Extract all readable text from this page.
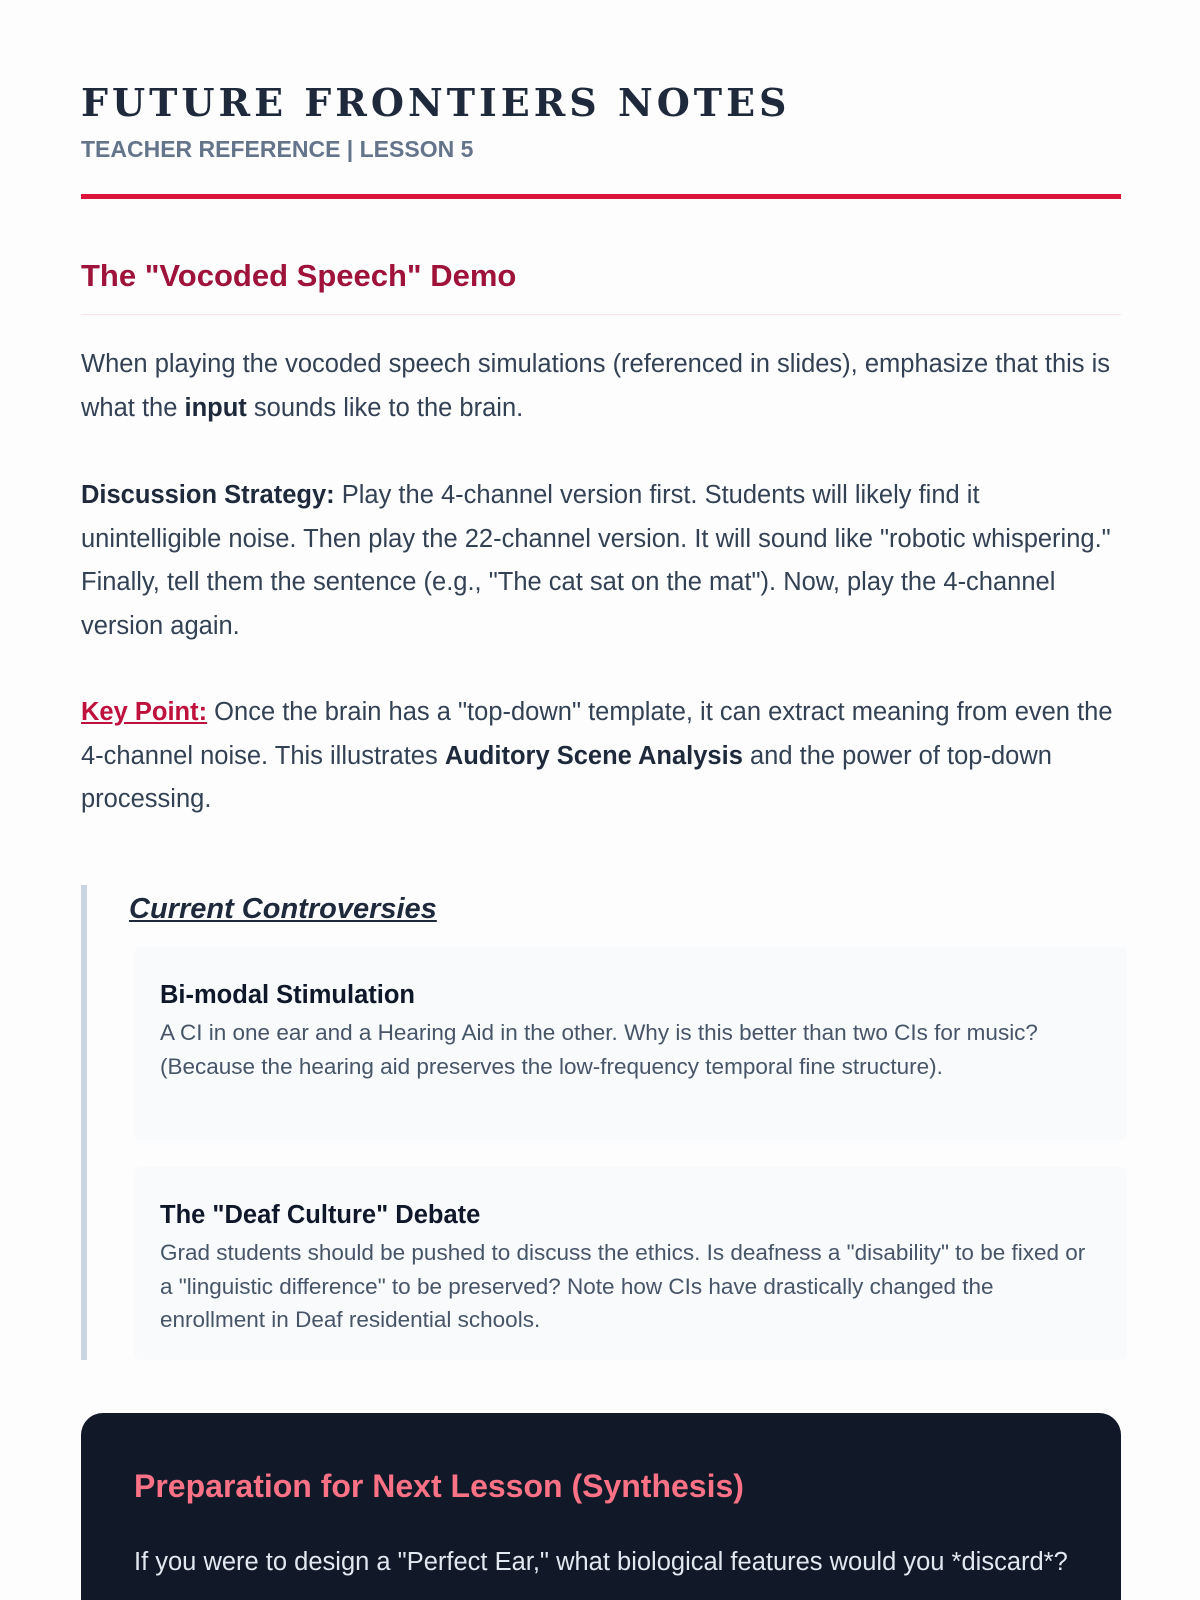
FUTURE FRONTIERS NOTES
TEACHER REFERENCE | LESSON 5
The "Vocoded Speech" Demo

When playing the vocoded speech simulations (referenced in slides), emphasize that this is what the input sounds like to the brain.

Discussion Strategy: Play the 4-channel version first. Students will likely find it unintelligible noise. Then play the 22-channel version. It will sound like "robotic whispering." Finally, tell them the sentence (e.g., "The cat sat on the mat"). Now, play the 4-channel version again.

Key Point: Once the brain has a "top-down" template, it can extract meaning from even the 4-channel noise. This illustrates Auditory Scene Analysis and the power of top-down processing.

Current Controversies
Bi-modal Stimulation

A CI in one ear and a Hearing Aid in the other. Why is this better than two CIs for music? (Because the hearing aid preserves the low-frequency temporal fine structure).

The "Deaf Culture" Debate

Grad students should be pushed to discuss the ethics. Is deafness a "disability" to be fixed or a "linguistic difference" to be preserved? Note how CIs have drastically changed the enrollment in Deaf residential schools.

Preparation for Next Lesson (Synthesis)

If you were to design a "Perfect Ear," what biological features would you *discard*?
